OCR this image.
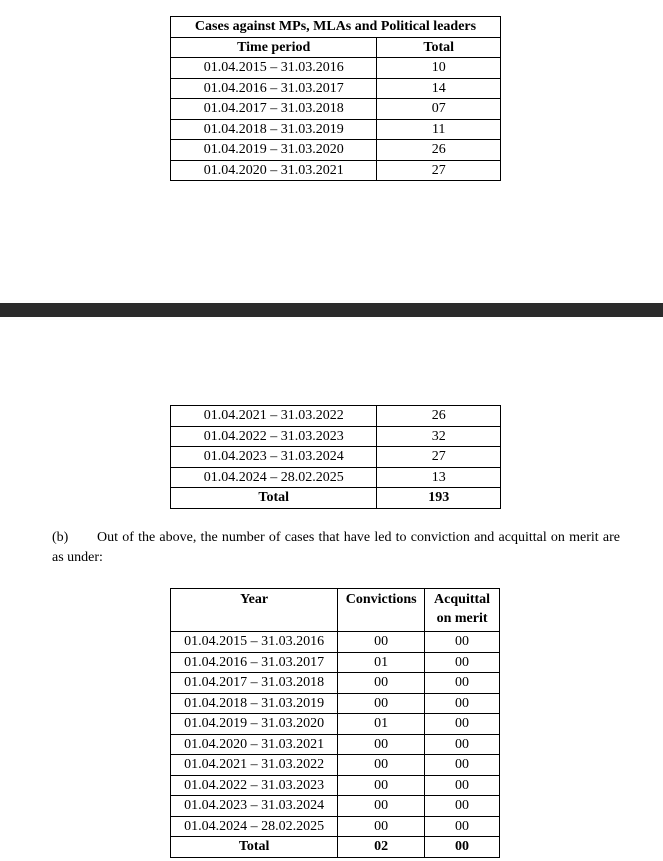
Cases against MPs, MLAs and Political leaders	
Time period	Total
01.04.2015 – 31.03.2016	10
01.04.2016 – 31.03.2017	14
01.04.2017 – 31.03.2018	07
01.04.2018 – 31.03.2019	11
01.04.2019 – 31.03.2020	26
01.04.2020 – 31.03.2021	27
01.04.2021 – 31.03.2022	26
01.04.2022 – 31.03.2023	32
01.04.2023 – 31.03.2024	27
01.04.2024 – 28.02.2025	13
Total	193
(b) Out of the above, the number of cases that have led to conviction and acquittal on merit are as under:
Year	Convictions	Acquittal on merit
01.04.2015 – 31.03.2016	00	00
01.04.2016 – 31.03.2017	01	00
01.04.2017 – 31.03.2018	00	00
01.04.2018 – 31.03.2019	00	00
01.04.2019 – 31.03.2020	01	00
01.04.2020 – 31.03.2021	00	00
01.04.2021 – 31.03.2022	00	00
01.04.2022 – 31.03.2023	00	00
01.04.2023 – 31.03.2024	00	00
01.04.2024 – 28.02.2025	00	00
Total	02	00
